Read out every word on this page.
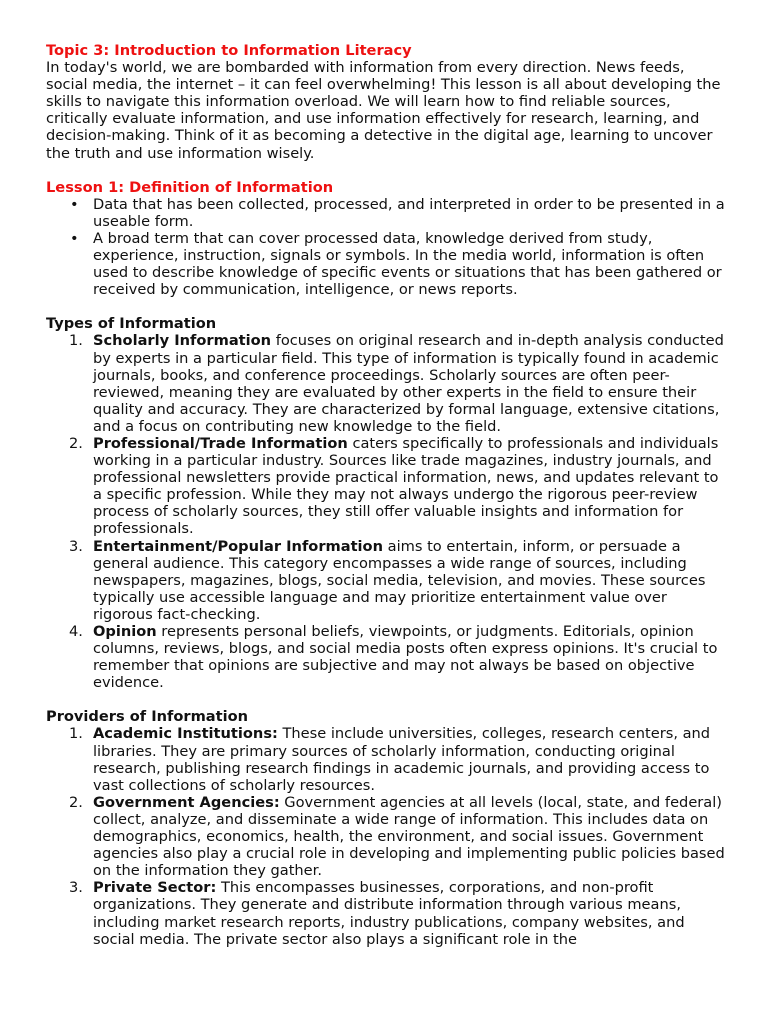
Topic 3: Introduction to Information Literacy

In today's world, we are bombarded with information from every direction. News feeds, social media, the internet – it can feel overwhelming! This lesson is all about developing the skills to navigate this information overload. We will learn how to find reliable sources, critically evaluate information, and use information effectively for research, learning, and decision-making. Think of it as becoming a detective in the digital age, learning to uncover the truth and use information wisely.

Lesson 1: Definition of Information

• Data that has been collected, processed, and interpreted in order to be presented in a useable form.
• A broad term that can cover processed data, knowledge derived from study, experience, instruction, signals or symbols. In the media world, information is often used to describe knowledge of specific events or situations that has been gathered or received by communication, intelligence, or news reports.

Types of Information

1. Scholarly Information focuses on original research and in-depth analysis conducted by experts in a particular field. This type of information is typically found in academic journals, books, and conference proceedings. Scholarly sources are often peer-reviewed, meaning they are evaluated by other experts in the field to ensure their quality and accuracy. They are characterized by formal language, extensive citations, and a focus on contributing new knowledge to the field.
2. Professional/Trade Information caters specifically to professionals and individuals working in a particular industry. Sources like trade magazines, industry journals, and professional newsletters provide practical information, news, and updates relevant to a specific profession. While they may not always undergo the rigorous peer-review process of scholarly sources, they still offer valuable insights and information for professionals.
3. Entertainment/Popular Information aims to entertain, inform, or persuade a general audience. This category encompasses a wide range of sources, including newspapers, magazines, blogs, social media, television, and movies. These sources typically use accessible language and may prioritize entertainment value over rigorous fact-checking.
4. Opinion represents personal beliefs, viewpoints, or judgments. Editorials, opinion columns, reviews, blogs, and social media posts often express opinions. It's crucial to remember that opinions are subjective and may not always be based on objective evidence.

Providers of Information

1. Academic Institutions: These include universities, colleges, research centers, and libraries. They are primary sources of scholarly information, conducting original research, publishing research findings in academic journals, and providing access to vast collections of scholarly resources.
2. Government Agencies: Government agencies at all levels (local, state, and federal) collect, analyze, and disseminate a wide range of information. This includes data on demographics, economics, health, the environment, and social issues. Government agencies also play a crucial role in developing and implementing public policies based on the information they gather.
3. Private Sector: This encompasses businesses, corporations, and non-profit organizations. They generate and distribute information through various means, including market research reports, industry publications, company websites, and social media. The private sector also plays a significant role in the
